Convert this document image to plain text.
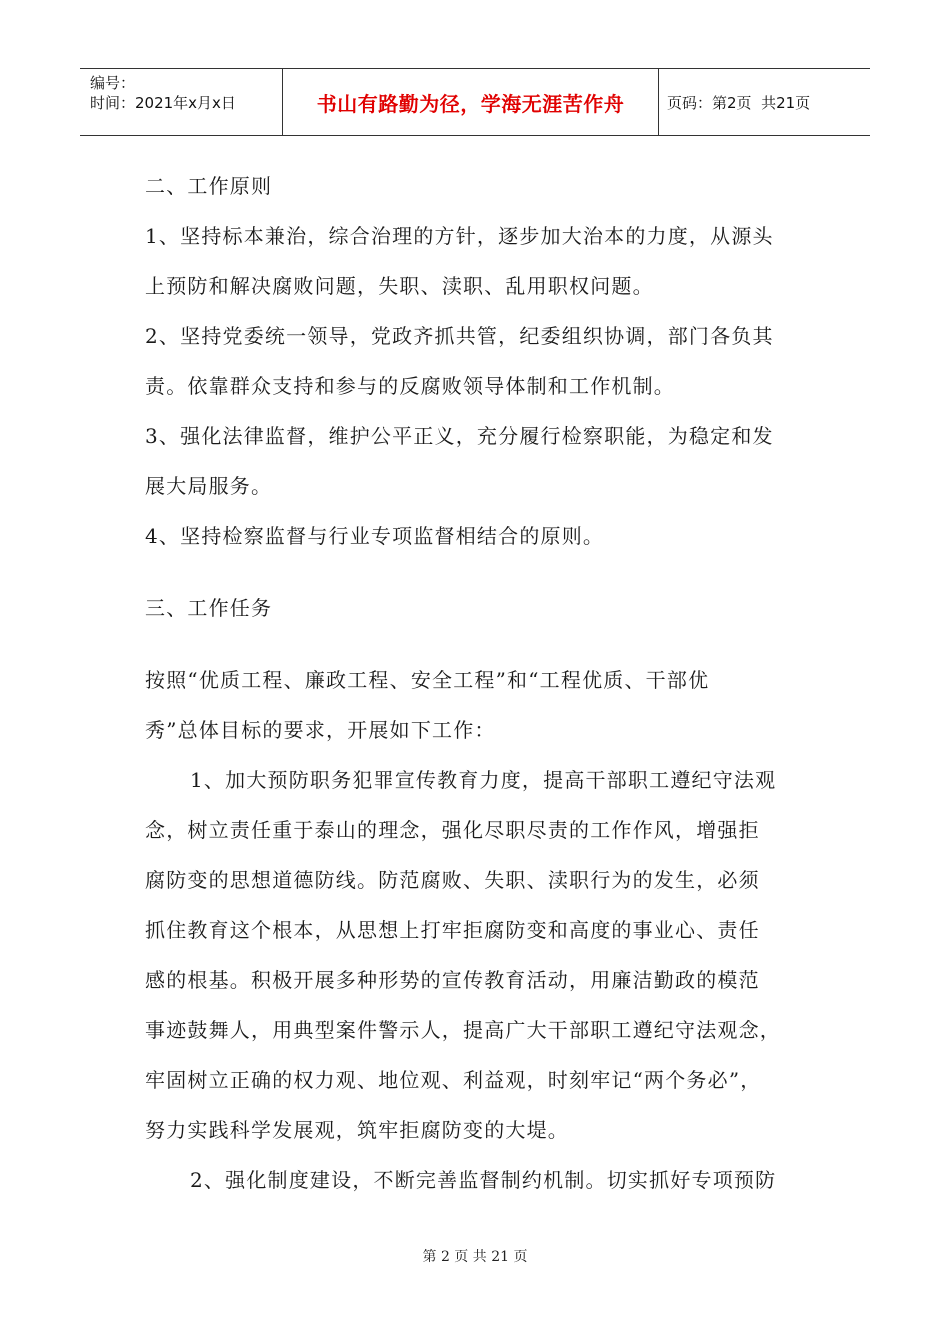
编号：
时间：2021年x月x日	书山有路勤为径，学海无涯苦作舟	页码：第2页  共21页
二、工作原则
1、坚持标本兼治，综合治理的方针，逐步加大治本的力度，从源头
上预防和解决腐败问题，失职、渎职、乱用职权问题。
2、坚持党委统一领导，党政齐抓共管，纪委组织协调，部门各负其
责。依靠群众支持和参与的反腐败领导体制和工作机制。
3、强化法律监督，维护公平正义，充分履行检察职能，为稳定和发
展大局服务。
4、坚持检察监督与行业专项监督相结合的原则。
三、工作任务
按照“优质工程、廉政工程、安全工程”和“工程优质、干部优
秀”总体目标的要求，开展如下工作：
1、加大预防职务犯罪宣传教育力度，提高干部职工遵纪守法观
念，树立责任重于泰山的理念，强化尽职尽责的工作作风，增强拒
腐防变的思想道德防线。防范腐败、失职、渎职行为的发生，必须
抓住教育这个根本，从思想上打牢拒腐防变和高度的事业心、责任
感的根基。积极开展多种形势的宣传教育活动，用廉洁勤政的模范
事迹鼓舞人，用典型案件警示人，提高广大干部职工遵纪守法观念，
牢固树立正确的权力观、地位观、利益观，时刻牢记“两个务必”，
努力实践科学发展观，筑牢拒腐防变的大堤。
2、强化制度建设，不断完善监督制约机制。切实抓好专项预防
第 2 页 共 21 页
